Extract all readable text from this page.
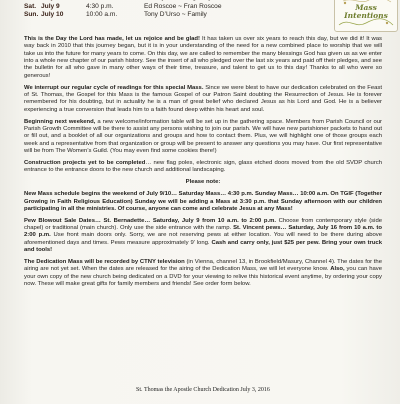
Sat. July 9	4:30 p.m.	Ed Roscoe ~ Fran Roscoe
Sun. July 10	10:00 a.m.	Tony D’Urso ~ Family
Mass
Intentions

This is the Day the Lord has made, let us rejoice and be glad! It has taken us over six years to reach this day, but we did it! It was way back in 2010 that this journey began, but it is in your understanding of the need for a new combined place to worship that we will take us into the future for many years to come. On this day, we are called to remember the many blessings God has given us as we enter into a whole new chapter of our parish history. See the insert of all who pledged over the last six years and paid off their pledges, and see the bulletin for all who gave in many other ways of their time, treasure, and talent to get us to this day! Thanks to all who were so generous!

We interrupt our regular cycle of readings for this special Mass. Since we were blest to have our dedication celebrated on the Feast of St. Thomas, the Gospel for this Mass is the famous Gospel of our Patron Saint doubting the Resurrection of Jesus. He is forever remembered for his doubting, but in actuality he is a man of great belief who declared Jesus as his Lord and God. He is a believer experiencing a true conversion that leads him to a faith found deep within his heart and soul.

Beginning next weekend, a new welcome/information table will be set up in the gathering space. Members from Parish Council or our Parish Growth Committee will be there to assist any persons wishing to join our parish. We will have new parishioner packets to hand out or fill out, and a booklet of all our organizations and groups and how to contact them. Plus, we will highlight one of those groups each week and a representative from that organization or group will be present to answer any questions you may have. Our first representative will be from The Women’s Guild. (You may even find some cookies there!)

Construction projects yet to be completed… new flag poles, electronic sign, glass etched doors moved from the old SVDP church entrance to the entrance doors to the new church and additional landscaping.

Please note:

New Mass schedule begins the weekend of July 9/10… Saturday Mass… 4:30 p.m. Sunday Mass… 10:00 a.m. On TGIF (Together Growing in Faith Religious Education) Sunday we will be adding a Mass at 3:30 p.m. that Sunday afternoon with our children participating in all the ministries. Of course, anyone can come and celebrate Jesus at any Mass!

Pew Blowout Sale Dates… St. Bernadette… Saturday, July 9 from 10 a.m. to 2:00 p.m. Choose from contemporary style (side chapel) or traditional (main church). Only use the side entrance with the ramp. St. Vincent pews… Saturday, July 16 from 10 a.m. to 2:00 p.m. Use front main doors only. Sorry, we are not reserving pews at either location. You will need to be there during above aforementioned days and times. Pews measure approximately 9’ long. Cash and carry only, just $25 per pew. Bring your own truck and tools!

The Dedication Mass will be recorded by CTNY television (in Vienna, channel 13, in Brookfield/Masury, Channel 4). The dates for the airing are not yet set. When the dates are released for the airing of the Dedication Mass, we will let everyone know. Also, you can have your own copy of the new church being dedicated on a DVD for your viewing to relive this historical event anytime, by ordering your copy now. These will make great gifts for family members and friends! See order form below.

St. Thomas the Apostle Church Dedication July 3, 2016
